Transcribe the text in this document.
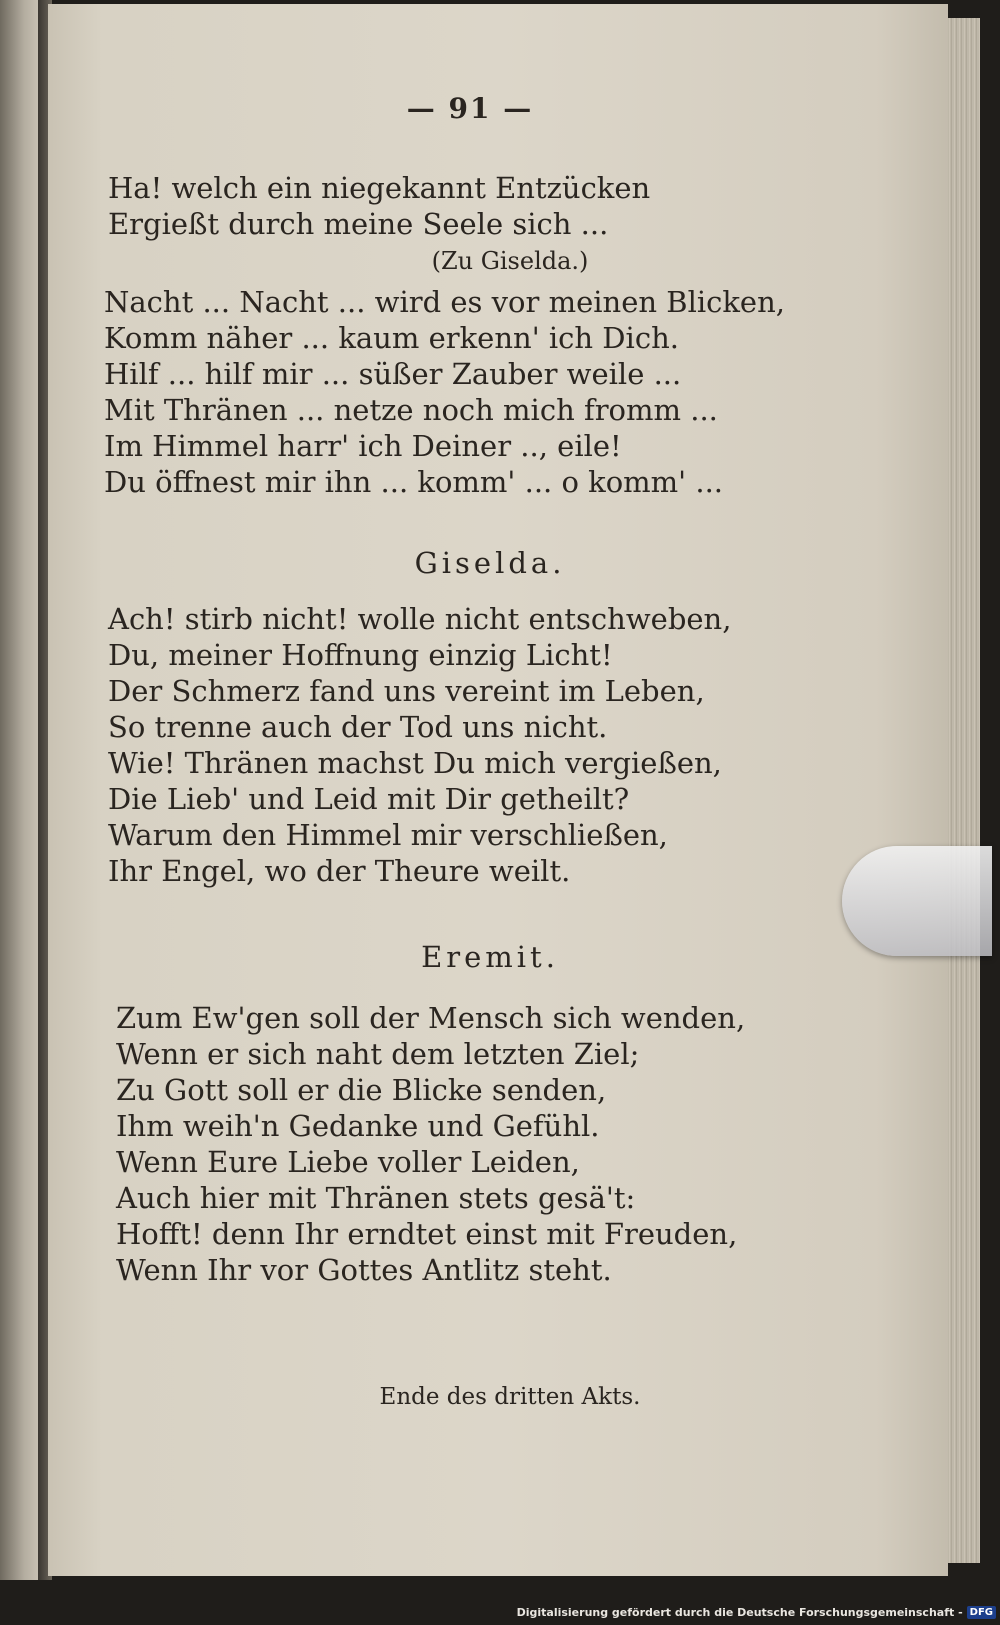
— 91 —
Ha! welch ein niegekannt Entzücken
Ergießt durch meine Seele sich ...
(Zu Giselda.)
Nacht ... Nacht ... wird es vor meinen Blicken,
Komm näher ... kaum erkenn' ich Dich.
Hilf ... hilf mir ... süßer Zauber weile ...
Mit Thränen ... netze noch mich fromm ...
Im Himmel harr' ich Deiner .., eile!
Du öffnest mir ihn ... komm' ... o komm' ...
Giselda.
Ach! stirb nicht! wolle nicht entschweben,
Du, meiner Hoffnung einzig Licht!
Der Schmerz fand uns vereint im Leben,
So trenne auch der Tod uns nicht.
Wie! Thränen machst Du mich vergießen,
Die Lieb' und Leid mit Dir getheilt?
Warum den Himmel mir verschließen,
Ihr Engel, wo der Theure weilt.
Eremit.
Zum Ew'gen soll der Mensch sich wenden,
Wenn er sich naht dem letzten Ziel;
Zu Gott soll er die Blicke senden,
Ihm weih'n Gedanke und Gefühl.
Wenn Eure Liebe voller Leiden,
Auch hier mit Thränen stets gesä't:
Hofft! denn Ihr erndtet einst mit Freuden,
Wenn Ihr vor Gottes Antlitz steht.
Ende des dritten Akts.
Digitalisierung gefördert durch die Deutsche Forschungsgemeinschaft - DFG
